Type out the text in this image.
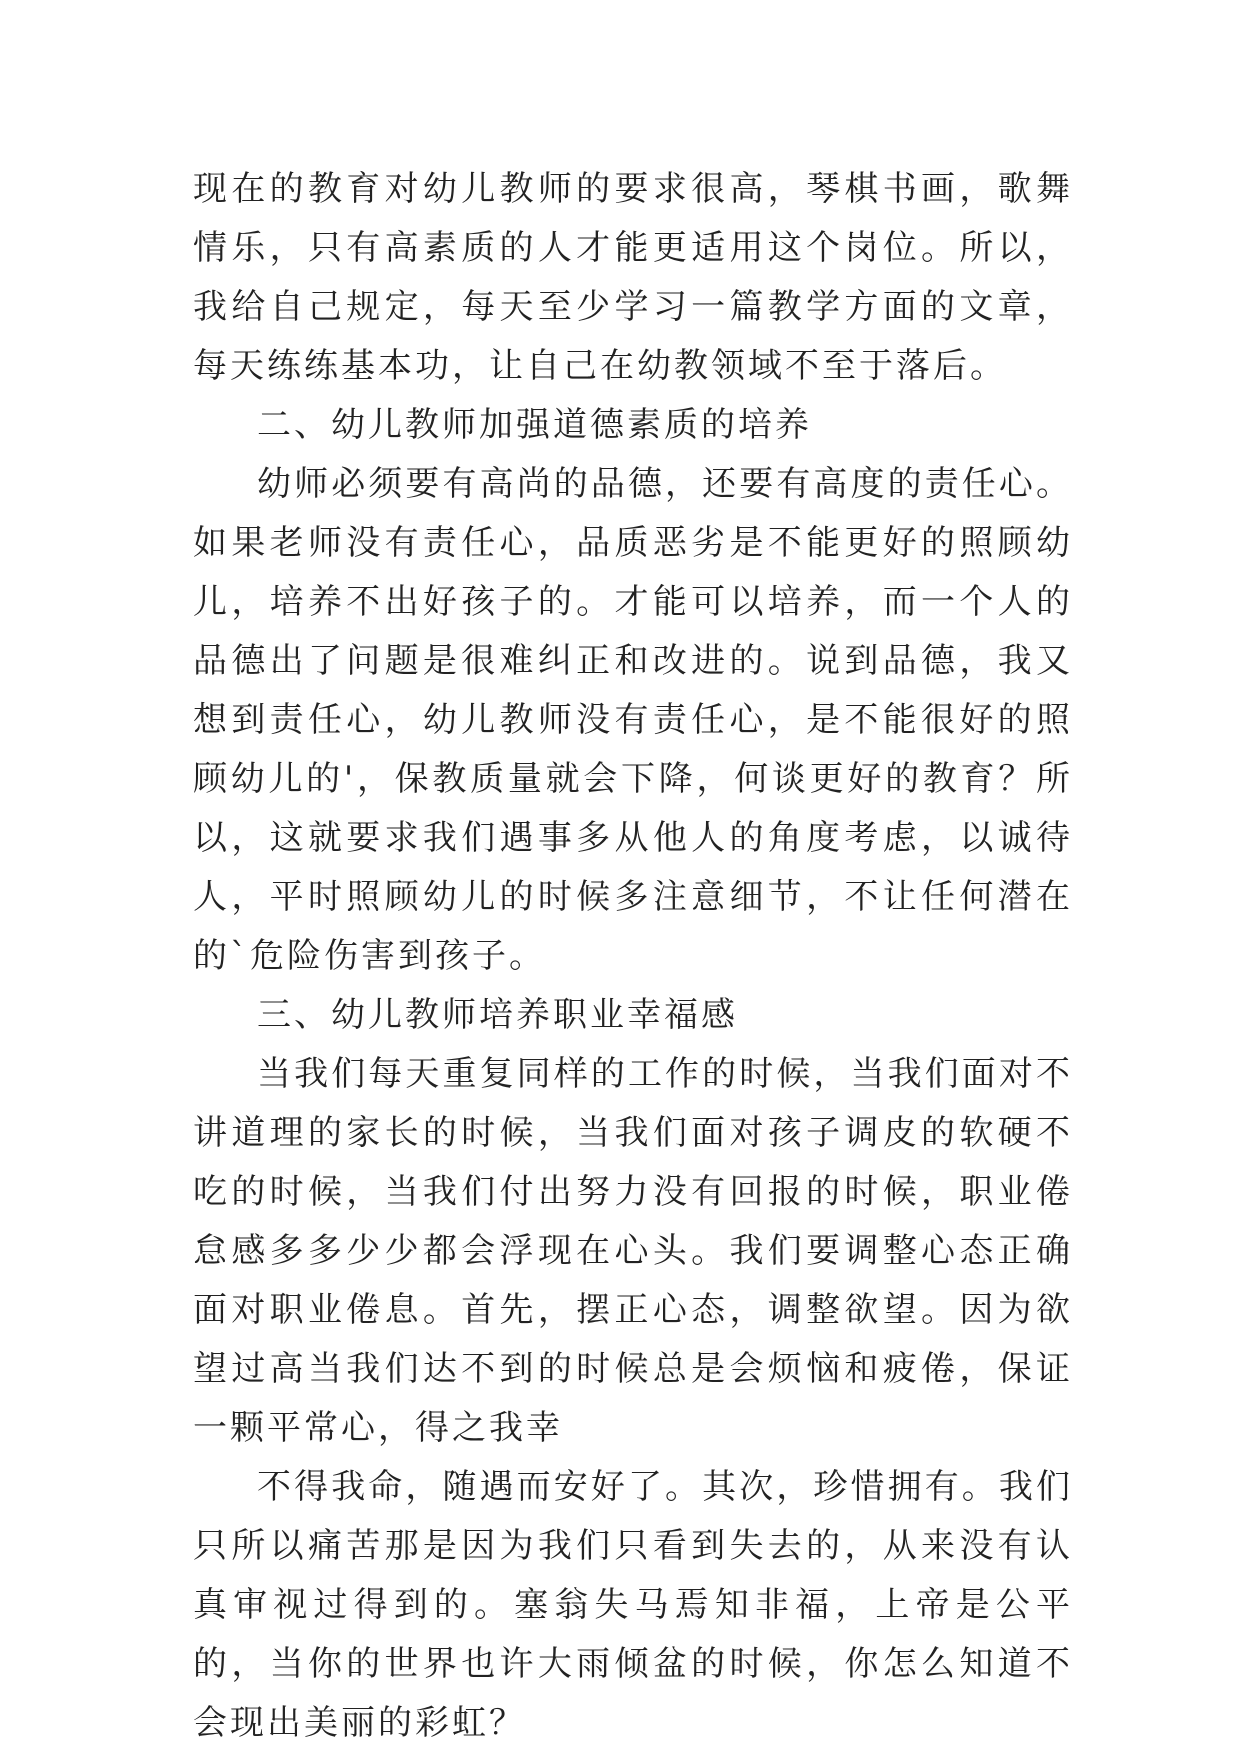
现在的教育对幼儿教师的要求很高，琴棋书画，歌舞情乐，只有高素质的人才能更适用这个岗位。所以，我给自己规定，每天至少学习一篇教学方面的文章，每天练练基本功，让自己在幼教领域不至于落后。

二、幼儿教师加强道德素质的培养

幼师必须要有高尚的品德，还要有高度的责任心。如果老师没有责任心，品质恶劣是不能更好的照顾幼儿，培养不出好孩子的。才能可以培养，而一个人的品德出了问题是很难纠正和改进的。说到品德，我又想到责任心，幼儿教师没有责任心，是不能很好的照顾幼儿的'，保教质量就会下降，何谈更好的教育？所以，这就要求我们遇事多从他人的角度考虑，以诚待人，平时照顾幼儿的时候多注意细节，不让任何潜在的`危险伤害到孩子。

三、幼儿教师培养职业幸福感

当我们每天重复同样的工作的时候，当我们面对不讲道理的家长的时候，当我们面对孩子调皮的软硬不吃的时候，当我们付出努力没有回报的时候，职业倦怠感多多少少都会浮现在心头。我们要调整心态正确面对职业倦息。首先，摆正心态，调整欲望。因为欲望过高当我们达不到的时候总是会烦恼和疲倦，保证一颗平常心，得之我幸

不得我命，随遇而安好了。其次，珍惜拥有。我们只所以痛苦那是因为我们只看到失去的，从来没有认真审视过得到的。塞翁失马焉知非福，上帝是公平的，当你的世界也许大雨倾盆的时候，你怎么知道不会现出美丽的彩虹？
